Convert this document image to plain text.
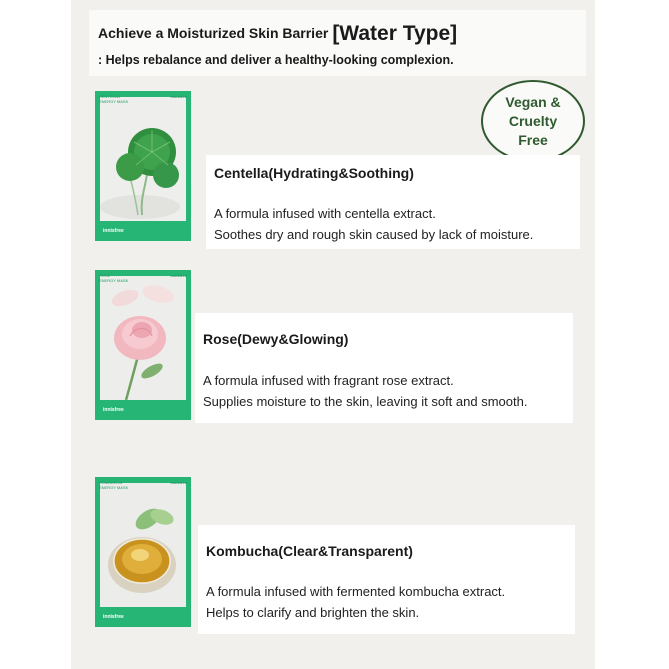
Achieve a Moisturized Skin Barrier [Water Type]
: Helps rebalance and deliver a healthy-looking complexion.
Vegan &
Cruelty
Free
CENTELLA
ENERGY MASK
innisfree
innisfree
Centella(Hydrating&Soothing)
A formula infused with centella extract.
Soothes dry and rough skin caused by lack of moisture.
ROSE
ENERGY MASK
innisfree
innisfree
Rose(Dewy&Glowing)
A formula infused with fragrant rose extract.
Supplies moisture to the skin, leaving it soft and smooth.
KOMBUCHA
ENERGY MASK
innisfree
innisfree
Kombucha(Clear&Transparent)
A formula infused with fermented kombucha extract.
Helps to clarify and brighten the skin.
